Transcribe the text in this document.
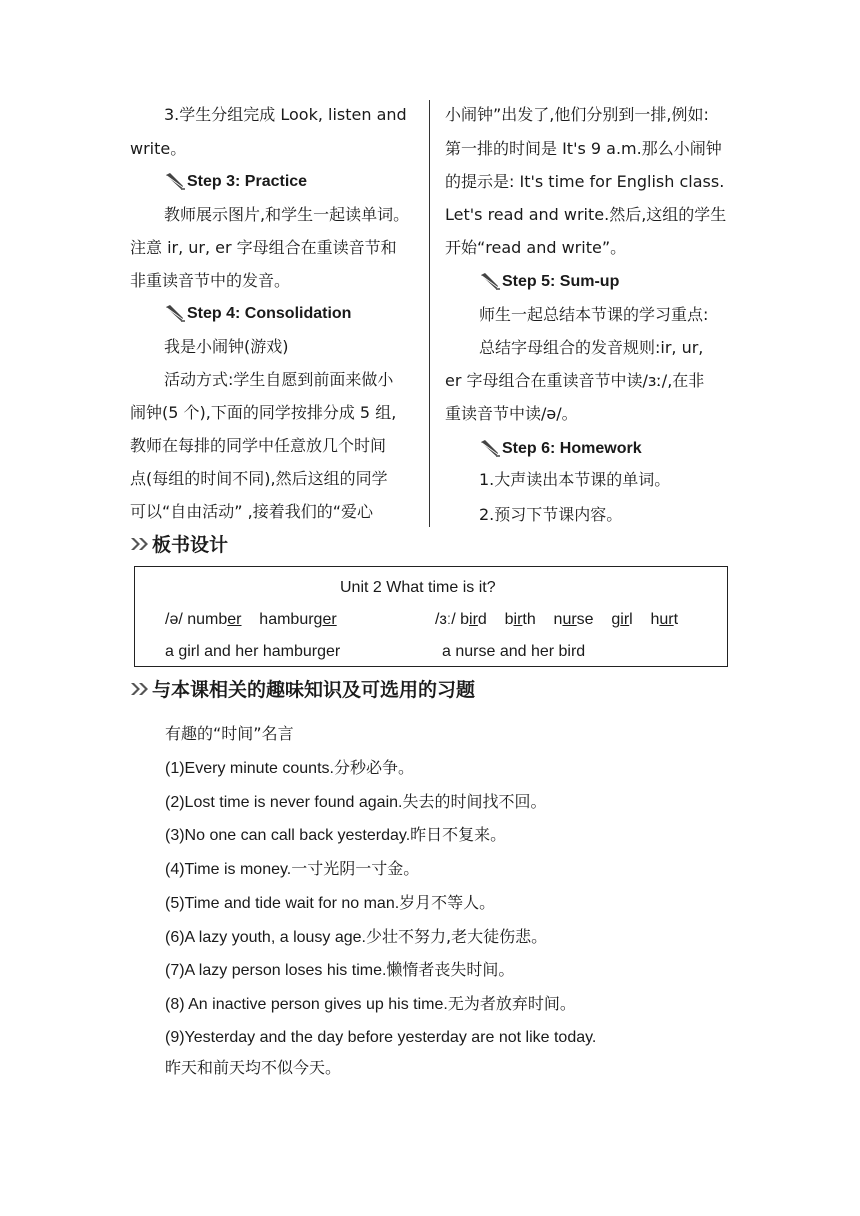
3.学生分组完成 Look, listen and
write。
Step 3: Practice
教师展示图片,和学生一起读单词。
注意 ir, ur, er 字母组合在重读音节和
非重读音节中的发音。
Step 4: Consolidation
我是小闹钟(游戏)
活动方式:学生自愿到前面来做小
闹钟(5 个),下面的同学按排分成 5 组,
教师在每排的同学中任意放几个时间
点(每组的时间不同),然后这组的同学
可以“自由活动” ,接着我们的“爱心
小闹钟”出发了,他们分别到一排,例如:
第一排的时间是 It's 9 a.m.那么小闹钟
的提示是: It's time for English class.
Let's read and write.然后,这组的学生
开始“read and write”。
Step 5: Sum-up
师生一起总结本节课的学习重点:
总结字母组合的发音规则:ir, ur,
er 字母组合在重读音节中读/ɜː/,在非
重读音节中读/ə/。
Step 6: Homework
1.大声读出本节课的单词。
2.预习下节课内容。
板书设计
Unit 2 What time is it?
/ə/ number hamburger	/ɜː/ bird birth nurse girl hurt
a girl and her hamburger	a nurse and her bird
与本课相关的趣味知识及可选用的习题
有趣的“时间”名言
(1)Every minute counts.分秒必争。
(2)Lost time is never found again.失去的时间找不回。
(3)No one can call back yesterday.昨日不复来。
(4)Time is money.一寸光阴一寸金。
(5)Time and tide wait for no man.岁月不等人。
(6)A lazy youth, a lousy age.少壮不努力,老大徒伤悲。
(7)A lazy person loses his time.懒惰者丧失时间。
(8) An inactive person gives up his time.无为者放弃时间。
(9)Yesterday and the day before yesterday are not like today.
昨天和前天均不似今天。
